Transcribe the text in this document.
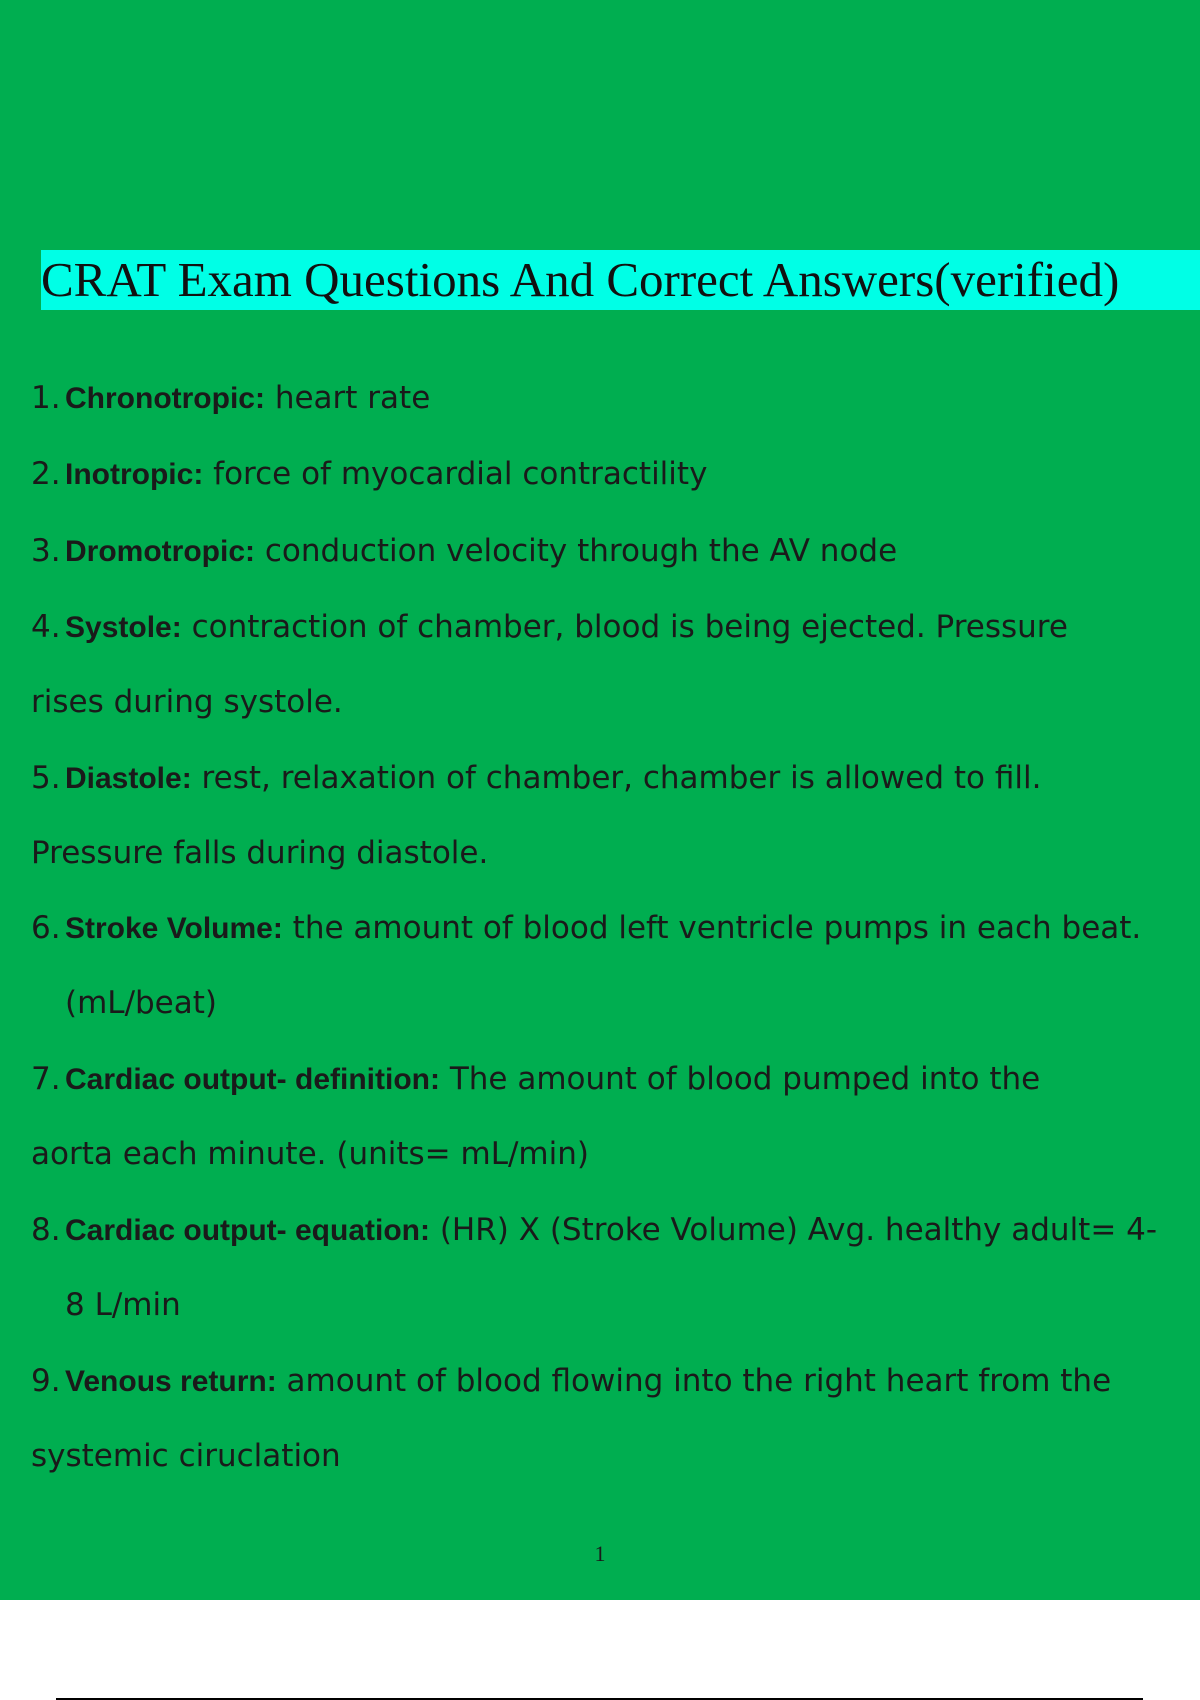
CRAT Exam Questions And Correct Answers(verified)
1. Chronotropic: heart rate
2. Inotropic: force of myocardial contractility
3. Dromotropic: conduction velocity through the AV node
4. Systole: contraction of chamber, blood is being ejected. Pressure
rises during systole.
5. Diastole: rest, relaxation of chamber, chamber is allowed to fill.
Pressure falls during diastole.
6. Stroke Volume: the amount of blood left ventricle pumps in each beat.
(mL/beat)
7. Cardiac output- definition: The amount of blood pumped into the
aorta each minute. (units= mL/min)
8. Cardiac output- equation: (HR) X (Stroke Volume) Avg. healthy adult= 4-
8 L/min
9. Venous return: amount of blood flowing into the right heart from the
systemic ciruclation
1
